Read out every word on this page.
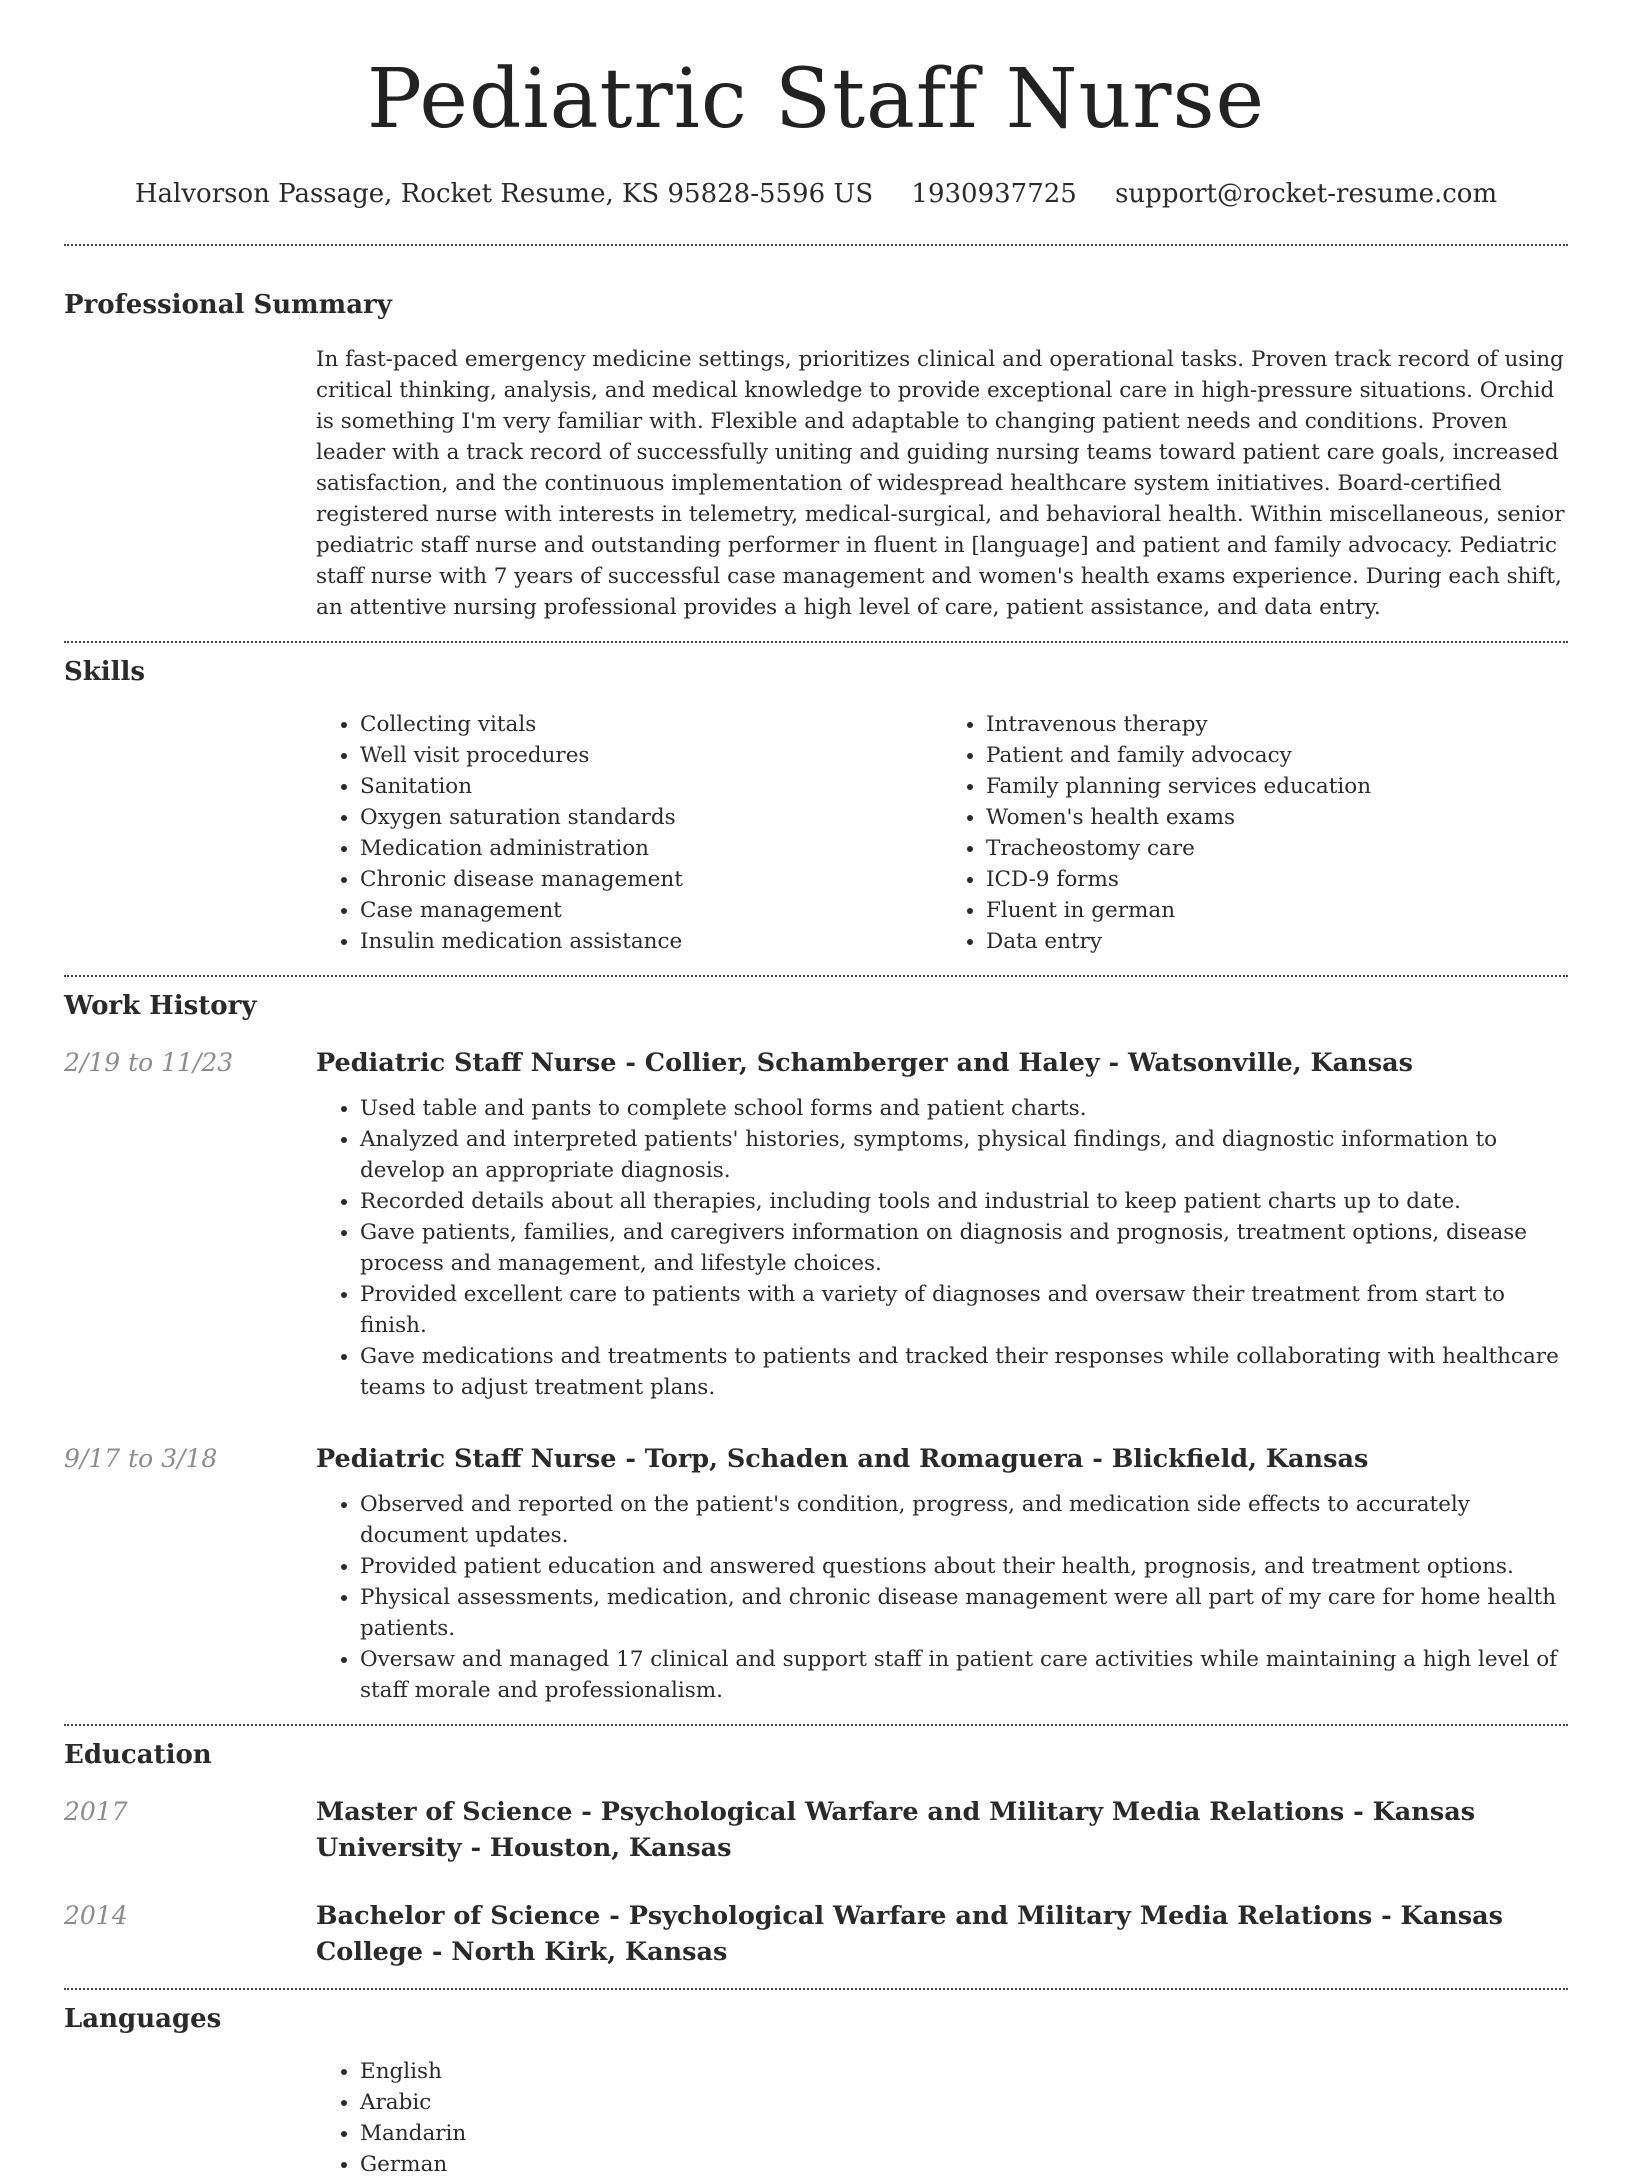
Pediatric Staff Nurse
Halvorson Passage, Rocket Resume, KS 95828-5596 US 1930937725 support@rocket-resume.com
Professional Summary

In fast-paced emergency medicine settings, prioritizes clinical and operational tasks. Proven track record of using critical thinking, analysis, and medical knowledge to provide exceptional care in high-pressure situations. Orchid is something I'm very familiar with. Flexible and adaptable to changing patient needs and conditions. Proven leader with a track record of successfully uniting and guiding nursing teams toward patient care goals, increased satisfaction, and the continuous implementation of widespread healthcare system initiatives. Board-certified registered nurse with interests in telemetry, medical-surgical, and behavioral health. Within miscellaneous, senior pediatric staff nurse and outstanding performer in fluent in [language] and patient and family advocacy. Pediatric staff nurse with 7 years of successful case management and women's health exams experience. During each shift, an attentive nursing professional provides a high level of care, patient assistance, and data entry.

Skills
• Collecting vitals
• Well visit procedures
• Sanitation
• Oxygen saturation standards
• Medication administration
• Chronic disease management
• Case management
• Insulin medication assistance
• Intravenous therapy
• Patient and family advocacy
• Family planning services education
• Women's health exams
• Tracheostomy care
• ICD-9 forms
• Fluent in german
• Data entry
Work History
2/19 to 11/23	Pediatric Staff Nurse - Collier, Schamberger and Haley - Watsonville, Kansas
• Used table and pants to complete school forms and patient charts.
• Analyzed and interpreted patients' histories, symptoms, physical findings, and diagnostic information to develop an appropriate diagnosis.
• Recorded details about all therapies, including tools and industrial to keep patient charts up to date.
• Gave patients, families, and caregivers information on diagnosis and prognosis, treatment options, disease process and management, and lifestyle choices.
• Provided excellent care to patients with a variety of diagnoses and oversaw their treatment from start to finish.
• Gave medications and treatments to patients and tracked their responses while collaborating with healthcare teams to adjust treatment plans.
9/17 to 3/18	Pediatric Staff Nurse - Torp, Schaden and Romaguera - Blickfield, Kansas
• Observed and reported on the patient's condition, progress, and medication side effects to accurately document updates.
• Provided patient education and answered questions about their health, prognosis, and treatment options.
• Physical assessments, medication, and chronic disease management were all part of my care for home health patients.
• Oversaw and managed 17 clinical and support staff in patient care activities while maintaining a high level of staff morale and professionalism.
Education
2017	Master of Science - Psychological Warfare and Military Media Relations - Kansas University - Houston, Kansas
2014	Bachelor of Science - Psychological Warfare and Military Media Relations - Kansas College - North Kirk, Kansas
Languages
• English
• Arabic
• Mandarin
• German
